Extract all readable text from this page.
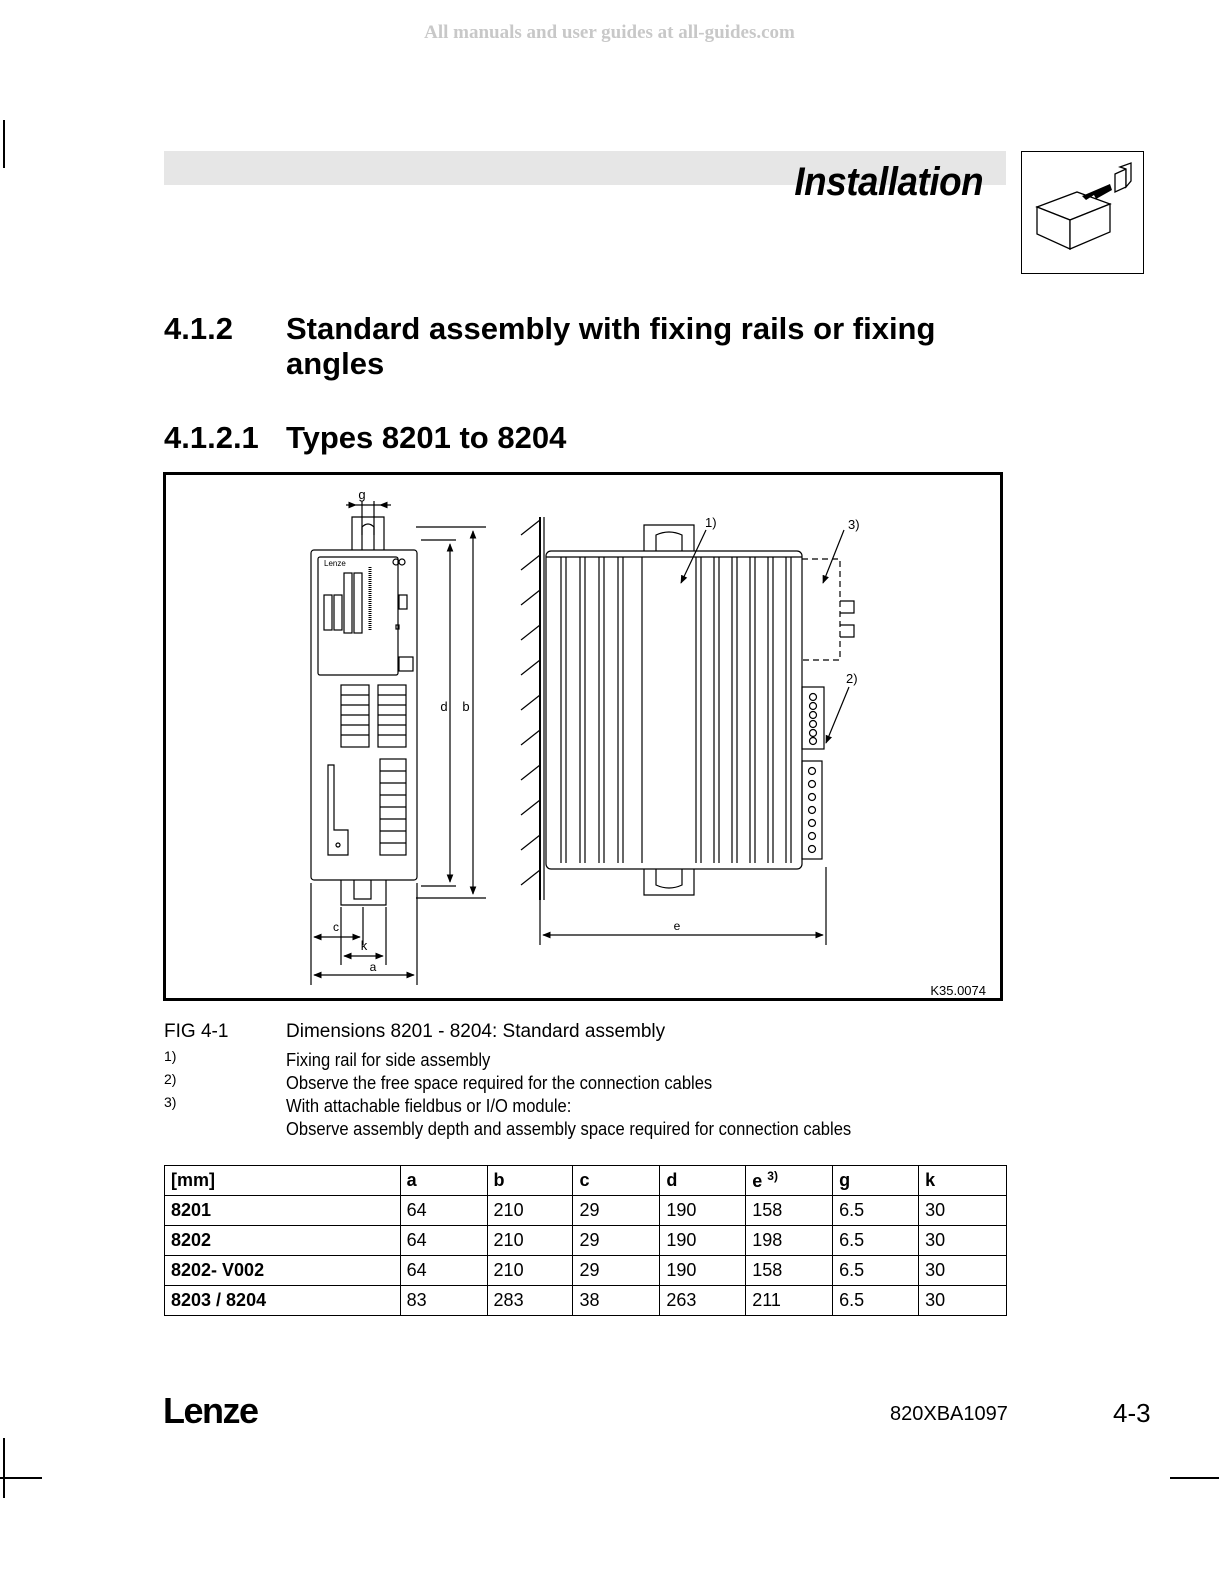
All manuals and user guides at all-guides.com
Installation
4.1.2 Standard assembly with fixing rails or fixing
angles
4.1.2.1 Types 8201 to 8204
Lenze
g
d b
c
k
a
e
1)	3)
2)
K35.0074
FIG 4-1	Dimensions 8201 - 8204: Standard assembly
1)	Fixing rail for side assembly
2)	Observe the free space required for the connection cables
3)	With attachable fieldbus or I/O module:
Observe assembly depth and assembly space required for connection cables
[mm]	a	b	c	d	e $^{3)}$	g	k
8201	64	210	29	190	158	6.5	30
8202	64	210	29	190	198	6.5	30
8202- V002	64	210	29	190	158	6.5	30
8203 / 8204	83	283	38	263	211	6.5	30
Lenze	820XBA1097	4-3
